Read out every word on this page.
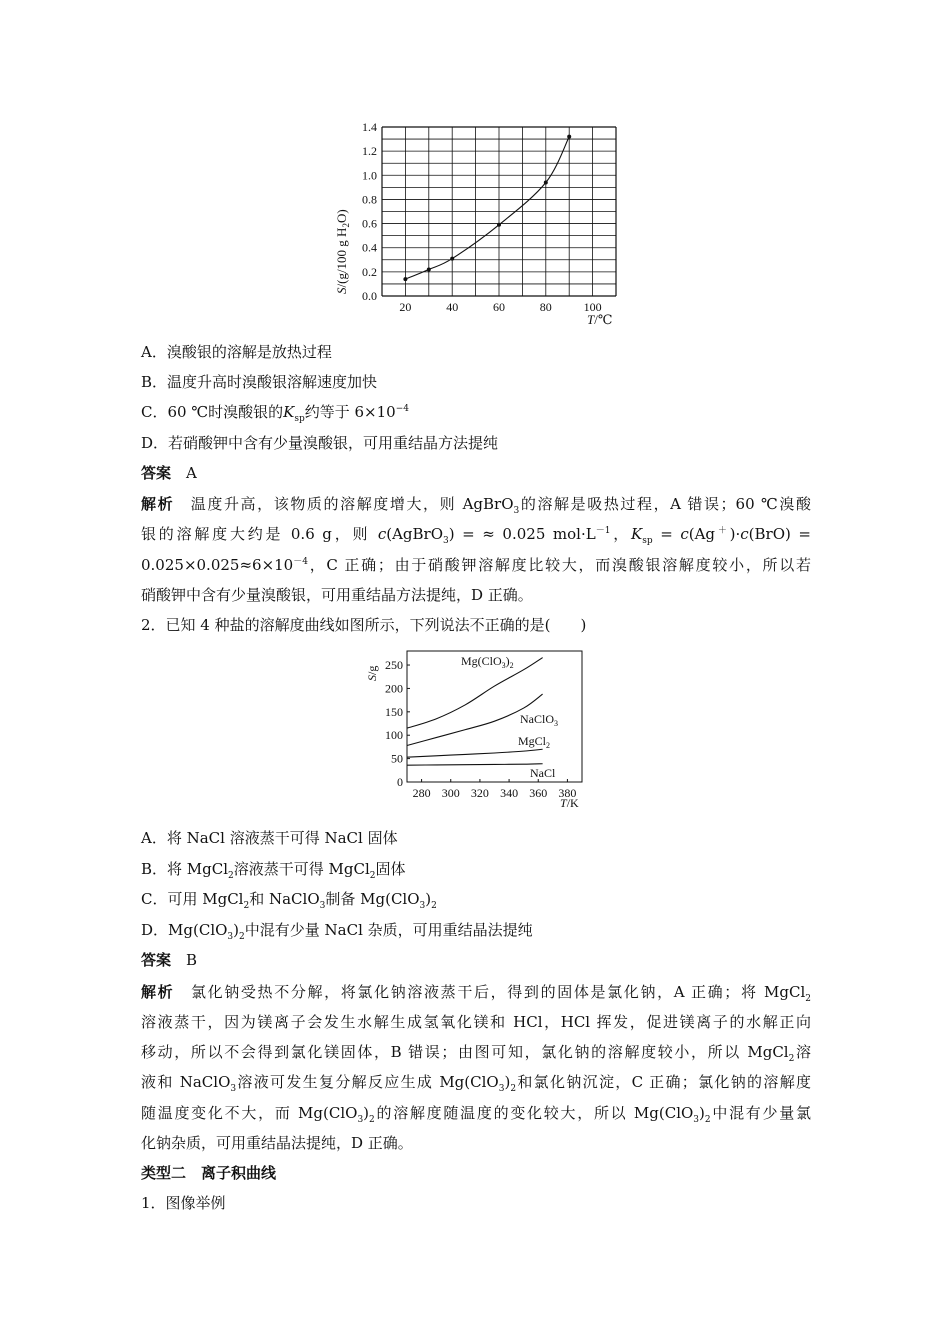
20	40	60	80	100
0.0
0.2
0.4
0.6
0.8
1.0
1.2
1.4
S/(g/100 g $H_2O$)
T/℃
A．溴酸银的溶解是放热过程
B．温度升高时溴酸银溶解速度加快
C．60 ℃时溴酸银的$K_{sp}$约等于 $6\times 10^{-4}$
D．若硝酸钾中含有少量溴酸银，可用重结晶方法提纯
答案　 A
解析　 温度升高，该物质的溶解度增大，则 AgBrO$_3$的溶解是吸热过程，A 错误；60 ℃溴酸
银的溶解度大约是 0.6 g，则 c(AgBrO$_3$) = ≈ 0.025 $mol\cdot L^{-1}$，$K_{sp} = c(Ag^+)\cdot c(BrO)$ =
$0.025\times 0.025\approx 6\times 10^{-4}$，C 正确；由于硝酸钾溶解度比较大，而溴酸银溶解度较小，所以若
硝酸钾中含有少量溴酸银，可用重结晶方法提纯，D 正确。
2．已知 4 种盐的溶解度曲线如图所示，下列说法不正确的是(　　)
280 300 320 340 360 380
0
50
100
150
200
250
S/g
T/K
$Mg(ClO_3)_2$
NaClO$_3$
MgCl$_2$
NaCl
A．将 NaCl 溶液蒸干可得 NaCl 固体
B．将 MgCl$_2$溶液蒸干可得 MgCl$_2$固体
C．可用 MgCl$_2$和 NaClO$_3$制备 $Mg(ClO_3)_2$
D．$Mg(ClO_3)_2$中混有少量 NaCl 杂质，可用重结晶法提纯
答案　 B
解析　 氯化钠受热不分解，将氯化钠溶液蒸干后，得到的固体是氯化钠，A 正确；将 MgCl$_2$
溶液蒸干，因为镁离子会发生水解生成氢氧化镁和 HCl，HCl 挥发，促进镁离子的水解正向
移动，所以不会得到氯化镁固体，B 错误；由图可知，氯化钠的溶解度较小，所以 MgCl$_2$溶
液和 NaClO$_3$溶液可发生复分解反应生成 $Mg(ClO_3)_2$和氯化钠沉淀，C 正确；氯化钠的溶解度
随温度变化不大，而 $Mg(ClO_3)_2$的溶解度随温度的变化较大，所以 $Mg(ClO_3)_2$中混有少量氯
化钠杂质，可用重结晶法提纯，D 正确。
类型二　离子积曲线
1．图像举例
